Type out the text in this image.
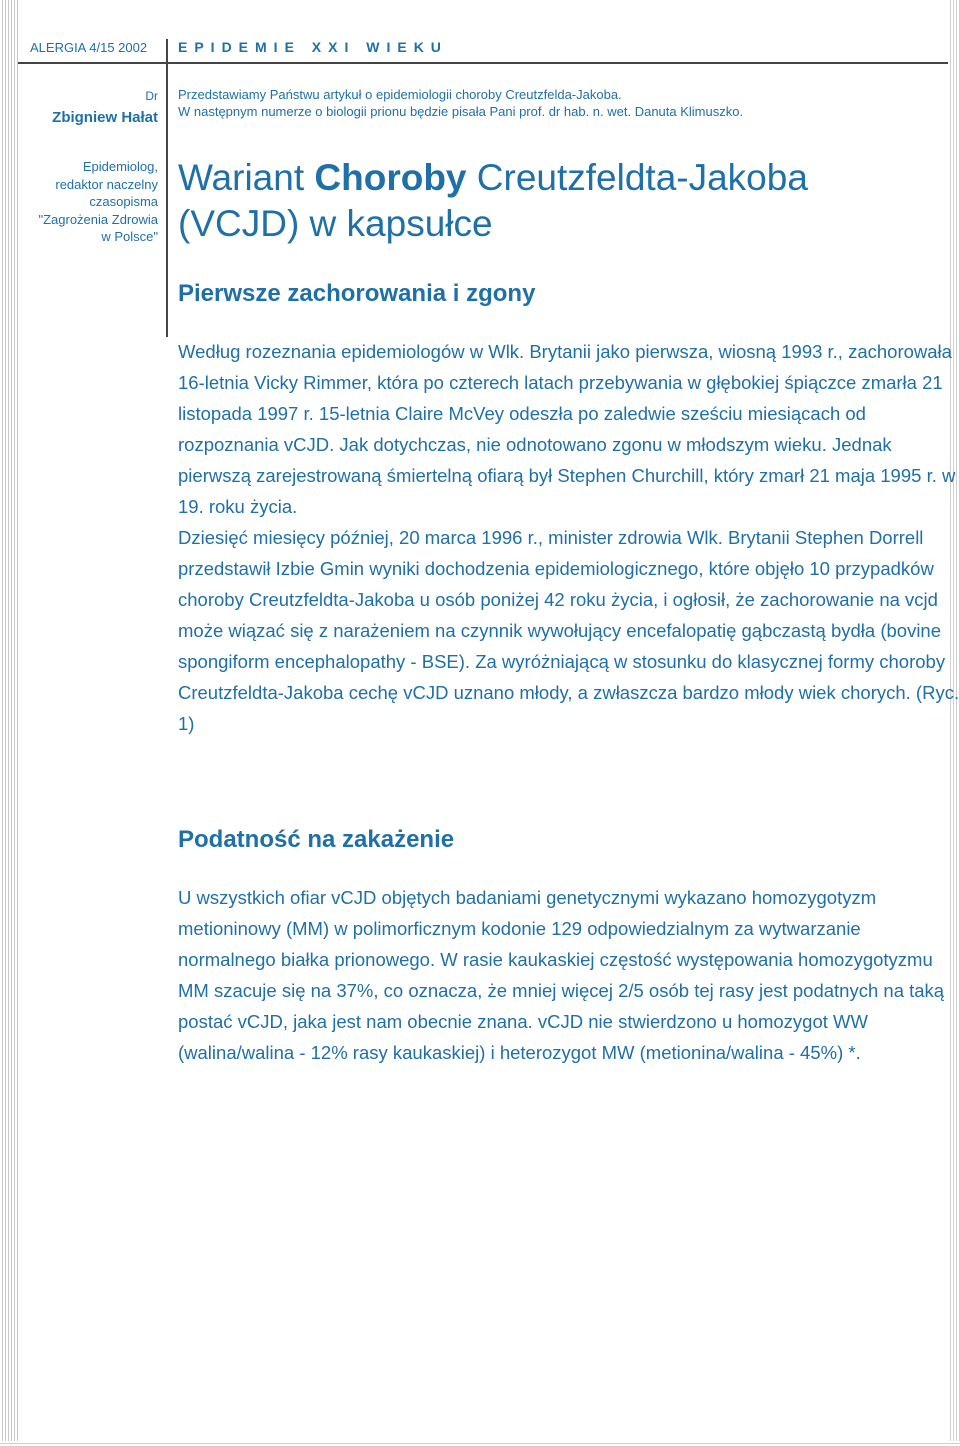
ALERGIA 4/15 2002 EPIDEMIE XXI WIEKU
Dr
Zbigniew Hałat
Epidemiolog,
redaktor naczelny
czasopisma
"Zagrożenia Zdrowia
w Polsce"
Przedstawiamy Państwu artykuł o epidemiologii choroby Creutzfelda-Jakoba.
W następnym numerze o biologii prionu będzie pisała Pani prof. dr hab. n. wet. Danuta Klimuszko.
Wariant Choroby Creutzfeldta-Jakoba
(VCJD) w kapsułce
Pierwsze zachorowania i zgony

Według rozeznania epidemiologów w Wlk. Brytanii jako pierwsza, wiosną 1993 r., zachorowała 16-letnia Vicky Rimmer, która po czterech latach przebywania w głębokiej śpiączce zmarła 21 listopada 1997 r. 15-letnia Claire McVey odeszła po zaledwie sześciu miesiącach od rozpoznania vCJD. Jak dotychczas, nie odnotowano zgonu w młodszym wieku. Jednak pierwszą zarejestrowaną śmiertelną ofiarą był Stephen Churchill, który zmarł 21 maja 1995 r. w 19. roku życia.

Dziesięć miesięcy później, 20 marca 1996 r., minister zdrowia Wlk. Brytanii Stephen Dorrell przedstawił Izbie Gmin wyniki dochodzenia epidemiologicznego, które objęło 10 przypadków choroby Creutzfeldta-Jakoba u osób poniżej 42 roku życia, i ogłosił, że zachorowanie na vcjd może wiązać się z narażeniem na czynnik wywołujący encefalopatię gąbczastą bydła (bovine spongiform encephalopathy - BSE). Za wyróżniającą w stosunku do klasycznej formy choroby Creutzfeldta-Jakoba cechę vCJD uznano młody, a zwłaszcza bardzo młody wiek chorych. (Ryc. 1)

Podatność na zakażenie

U wszystkich ofiar vCJD objętych badaniami genetycznymi wykazano homozygotyzm metioninowy (MM) w polimorficznym kodonie 129 odpowiedzialnym za wytwarzanie normalnego białka prionowego. W rasie kaukaskiej częstość występowania homozygotyzmu MM szacuje się na 37%, co oznacza, że mniej więcej 2/5 osób tej rasy jest podatnych na taką postać vCJD, jaka jest nam obecnie znana. vCJD nie stwierdzono u homozygot WW (walina/walina - 12% rasy kaukaskiej) i heterozygot MW (metionina/walina - 45%) *.
